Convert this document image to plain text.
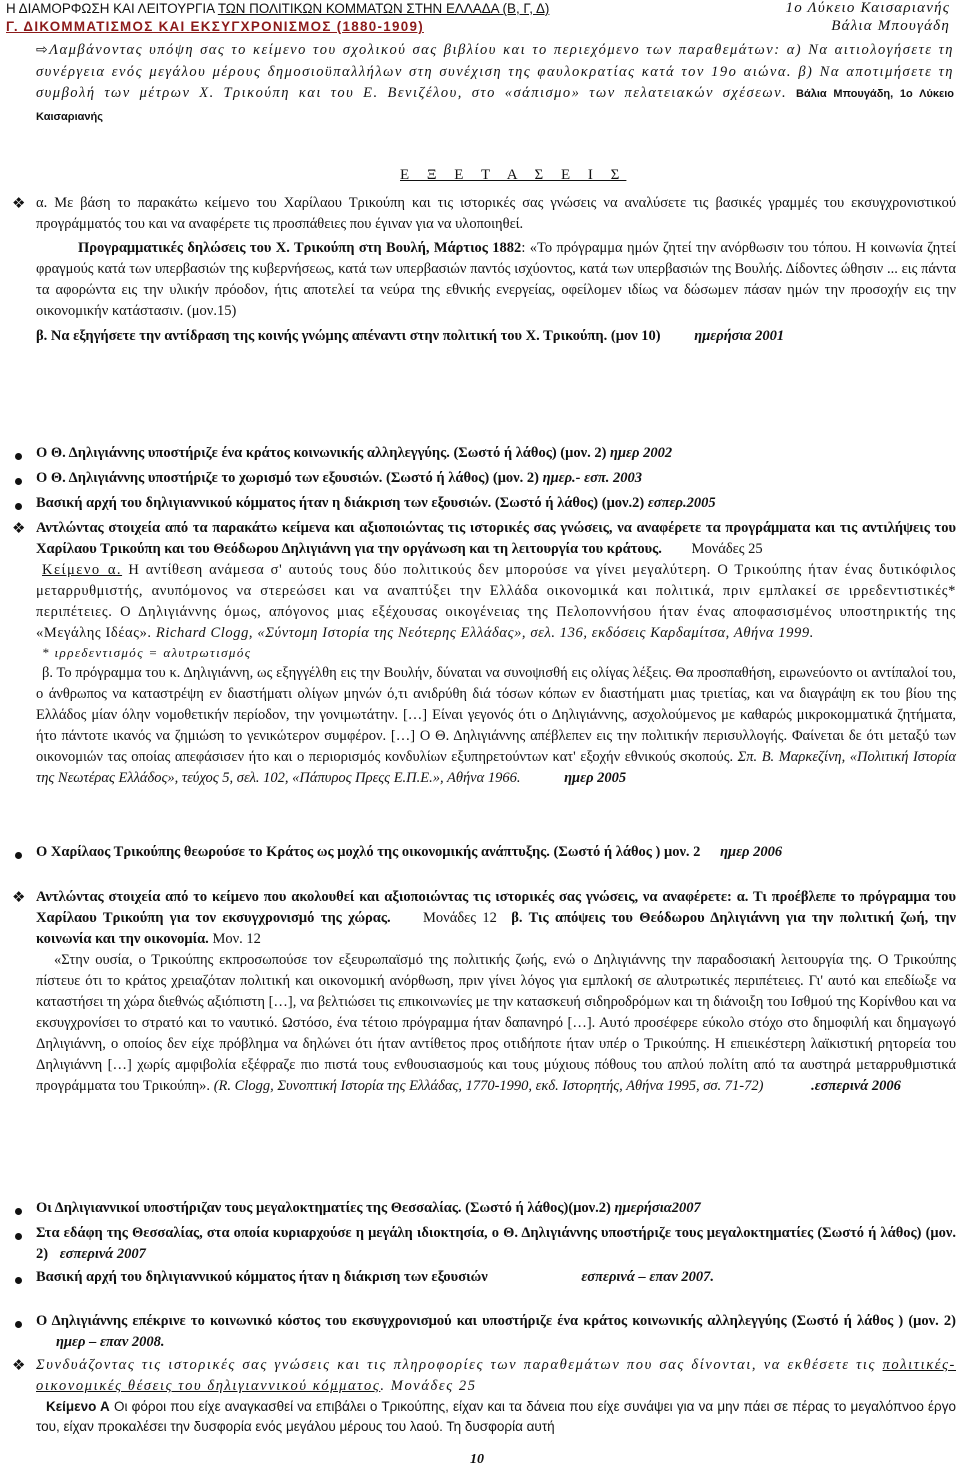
Η ΔΙΑΜΟΡΦΩΣΗ ΚΑΙ ΛΕΙΤΟΥΡΓΙΑ ΤΩΝ ΠΟΛΙΤΙΚΩΝ ΚΟΜΜΑΤΩΝ ΣΤΗΝ ΕΛΛΑΔΑ (Β, Γ, Δ)	1ο Λύκειο Καισαριανής
Γ. ΔΙΚΟΜΜΑΤΙΣΜΟΣ ΚΑΙ ΕΚΣΥΓΧΡΟΝΙΣΜΟΣ (1880-1909)	Βάλια Μπουγάδη

⇨Λαμβάνοντας υπόψη σας το κείμενο του σχολικού σας βιβλίου και το περιεχόμενο των παραθεμάτων: α) Να αιτιολογήσετε τη συνέργεια ενός μεγάλου μέρους δημοσιοϋπαλλήλων στη συνέχιση της φαυλοκρατίας κατά τον 19ο αιώνα. β) Να αποτιμήσετε τη συμβολή των μέτρων Χ. Τρικούπη και του Ε. Βενιζέλου, στο «σάπισμο» των πελατειακών σχέσεων. Βάλια Μπουγάδη, 1ο Λύκειο Καισαριανής

Ε Ξ Ε Τ Α Σ Ε Ι Σ
❖ α. Με βάση το παρακάτω κείμενο του Χαρίλαου Τρικούπη και τις ιστορικές σας γνώσεις να αναλύσετε τις βασικές γραμμές του εκσυγχρονιστικού προγράμματός του και να αναφέρετε τις προσπάθειες που έγιναν για να υλοποιηθεί.

Προγραμματικές δηλώσεις του Χ. Τρικούπη στη Βουλή, Μάρτιος 1882: «Το πρόγραμμα ημών ζητεί την ανόρθωσιν του τόπου. Η κοινωνία ζητεί φραγμούς κατά των υπερβασιών της κυβερνήσεως, κατά των υπερβασιών παντός ισχύοντος, κατά των υπερβασιών της Βουλής. Δίδοντες ώθησιν ... εις πάντα τα αφορώντα εις την υλικήν πρόοδον, ήτις αποτελεί τα νεύρα της εθνικής ενεργείας, οφείλομεν ιδίως να δώσωμεν πάσαν ημών την προσοχήν εις την οικονομικήν κατάστασιν. (μον.15)

β. Να εξηγήσετε την αντίδραση της κοινής γνώμης απέναντι στην πολιτική του Χ. Τρικούπη. (μον 10) ημερήσια 2001

Ο Θ. Δηλιγιάννης υποστήριζε ένα κράτος κοινωνικής αλληλεγγύης. (Σωστό ή λάθος) (μον. 2) ημερ 2002
Ο Θ. Δηλιγιάννης υποστήριζε το χωρισμό των εξουσιών. (Σωστό ή λάθος) (μον. 2) ημερ.- εσπ. 2003
Βασική αρχή του δηλιγιαννικού κόμματος ήταν η διάκριση των εξουσιών. (Σωστό ή λάθος) (μον.2) εσπερ.2005
❖ Αντλώντας στοιχεία από τα παρακάτω κείμενα και αξιοποιώντας τις ιστορικές σας γνώσεις, να αναφέρετε τα προγράμματα και τις αντιλήψεις του Χαρίλαου Τρικούπη και του Θεόδωρου Δηλιγιάννη για την οργάνωση και τη λειτουργία του κράτους. Μονάδες 25

Κείμενο α. Η αντίθεση ανάμεσα σ' αυτούς τους δύο πολιτικούς δεν μπορούσε να γίνει μεγαλύτερη. Ο Τρικούπης ήταν ένας δυτικόφιλος μεταρρυθμιστής, ανυπόμονος να στερεώσει και να αναπτύξει την Ελλάδα οικονομικά και πολιτικά, πριν εμπλακεί σε ιρρεδεντιστικές* περιπέτειες. Ο Δηλιγιάννης όμως, απόγονος μιας εξέχουσας οικογένειας της Πελοποννήσου ήταν ένας αποφασισμένος υποστηρικτής της «Μεγάλης Ιδέας». Richard Clogg, «Σύντομη Ιστορία της Νεότερης Ελλάδας», σελ. 136, εκδόσεις Καρδαμίτσα, Αθήνα 1999.

* ιρρεδεντισμός = αλυτρωτισμός

β. Το πρόγραμμα του κ. Δηλιγιάννη, ως εξηγγέλθη εις την Βουλήν, δύναται να συνοψισθή εις ολίγας λέξεις. Θα προσπαθήση, ειρωνεύοντο οι αντίπαλοί του, ο άνθρωπος να καταστρέψη εν διαστήματι ολίγων μηνών ό,τι ανιδρύθη διά τόσων κόπων εν διαστήματι μιας τριετίας, και να διαγράψη εκ του βίου της Ελλάδος μίαν όλην νομοθετικήν περίοδον, την γονιμωτάτην. […] Είναι γεγονός ότι ο Δηλιγιάννης, ασχολούμενος με καθαρώς μικροκομματικά ζητήματα, ήτο πάντοτε ικανός να ζημιώση το γενικώτερον συμφέρον. […] Ο Θ. Δηλιγιάννης απέβλεπεν εις την πολιτικήν περισυλλογής. Φαίνεται δε ότι μεταξύ των οικονομιών τας οποίας απεφάσισεν ήτο και ο περιορισμός κονδυλίων εξυπηρετούντων κατ' εξοχήν εθνικούς σκοπούς. Σπ. Β. Μαρκεζίνη, «Πολιτική Ιστορία της Νεωτέρας Ελλάδος», τεύχος 5, σελ. 102, «Πάπυρος Πρεςς Ε.Π.Ε.», Αθήνα 1966.	ημερ 2005

Ο Χαρίλαος Τρικούπης θεωρούσε το Κράτος ως μοχλό της οικονομικής ανάπτυξης. (Σωστό ή λάθος ) μον. 2 ημερ 2006
❖ Αντλώντας στοιχεία από το κείμενο που ακολουθεί και αξιοποιώντας τις ιστορικές σας γνώσεις, να αναφέρετε: α. Τι προέβλεπε το πρόγραμμα του Χαρίλαου Τρικούπη για τον εκσυγχρονισμό της χώρας. Μονάδες 12 β. Τις απόψεις του Θεόδωρου Δηλιγιάννη για την πολιτική ζωή, την κοινωνία και την οικονομία. Μον. 12

«Στην ουσία, ο Τρικούπης εκπροσωπούσε τον εξευρωπαϊσμό της πολιτικής ζωής, ενώ ο Δηλιγιάννης την παραδοσιακή λειτουργία της. Ο Τρικούπης πίστευε ότι το κράτος χρειαζόταν πολιτική και οικονομική ανόρθωση, πριν γίνει λόγος για εμπλοκή σε αλυτρωτικές περιπέτειες. Γι' αυτό και επεδίωξε να καταστήσει τη χώρα διεθνώς αξιόπιστη […], να βελτιώσει τις επικοινωνίες με την κατασκευή σιδηροδρόμων και τη διάνοιξη του Ισθμού της Κορίνθου και να εκσυγχρονίσει το στρατό και το ναυτικό. Ωστόσο, ένα τέτοιο πρόγραμμα ήταν δαπανηρό […]. Αυτό προσέφερε εύκολο στόχο στο δημοφιλή και δημαγωγό Δηλιγιάννη, ο οποίος δεν είχε πρόβλημα να δηλώνει ότι ήταν αντίθετος προς οτιδήποτε ήταν υπέρ ο Τρικούπης. Η επιεικέστερη λαϊκιστική ρητορεία του Δηλιγιάννη […] χωρίς αμφιβολία εξέφραζε πιο πιστά τους ενθουσιασμούς και τους μύχιους πόθους του απλού πολίτη από τα αυστηρά μεταρρυθμιστικά προγράμματα του Τρικούπη». (R. Clogg, Συνοπτική Ιστορία της Ελλάδας, 1770-1990, εκδ. Ιστορητής, Αθήνα 1995, σσ. 71-72)	.εσπερινά 2006

Οι Δηλιγιαννικοί υποστήριζαν τους μεγαλοκτηματίες της Θεσσαλίας. (Σωστό ή λάθος)(μον.2) ημερήσια2007
Στα εδάφη της Θεσσαλίας, στα οποία κυριαρχούσε η μεγάλη ιδιοκτησία, ο Θ. Δηλιγιάννης υποστήριζε τους μεγαλοκτηματίες (Σωστό ή λάθος) (μον. 2) εσπερινά 2007
Βασική αρχή του δηλιγιαννικού κόμματος ήταν η διάκριση των εξουσιών	εσπερινά – επαν 2007.
Ο Δηλιγιάννης επέκρινε το κοινωνικό κόστος του εκσυγχρονισμού και υποστήριζε ένα κράτος κοινωνικής αλληλεγγύης (Σωστό ή λάθος ) (μον. 2) ημερ – επαν 2008.
❖ Συνδυάζοντας τις ιστορικές σας γνώσεις και τις πληροφορίες των παραθεμάτων που σας δίνονται, να εκθέσετε τις πολιτικές-οικονομικές θέσεις του δηλιγιαννικού κόμματος. Μονάδες 25

Κείμενο Α Οι φόροι που είχε αναγκασθεί να επιβάλει ο Τρικούπης, είχαν και τα δάνεια που είχε συνάψει για να μην πάει σε πέρας το μεγαλόπνοο έργο του, είχαν προκαλέσει την δυσφορία ενός μεγάλου μέρους του λαού. Τη δυσφορία αυτή

10
